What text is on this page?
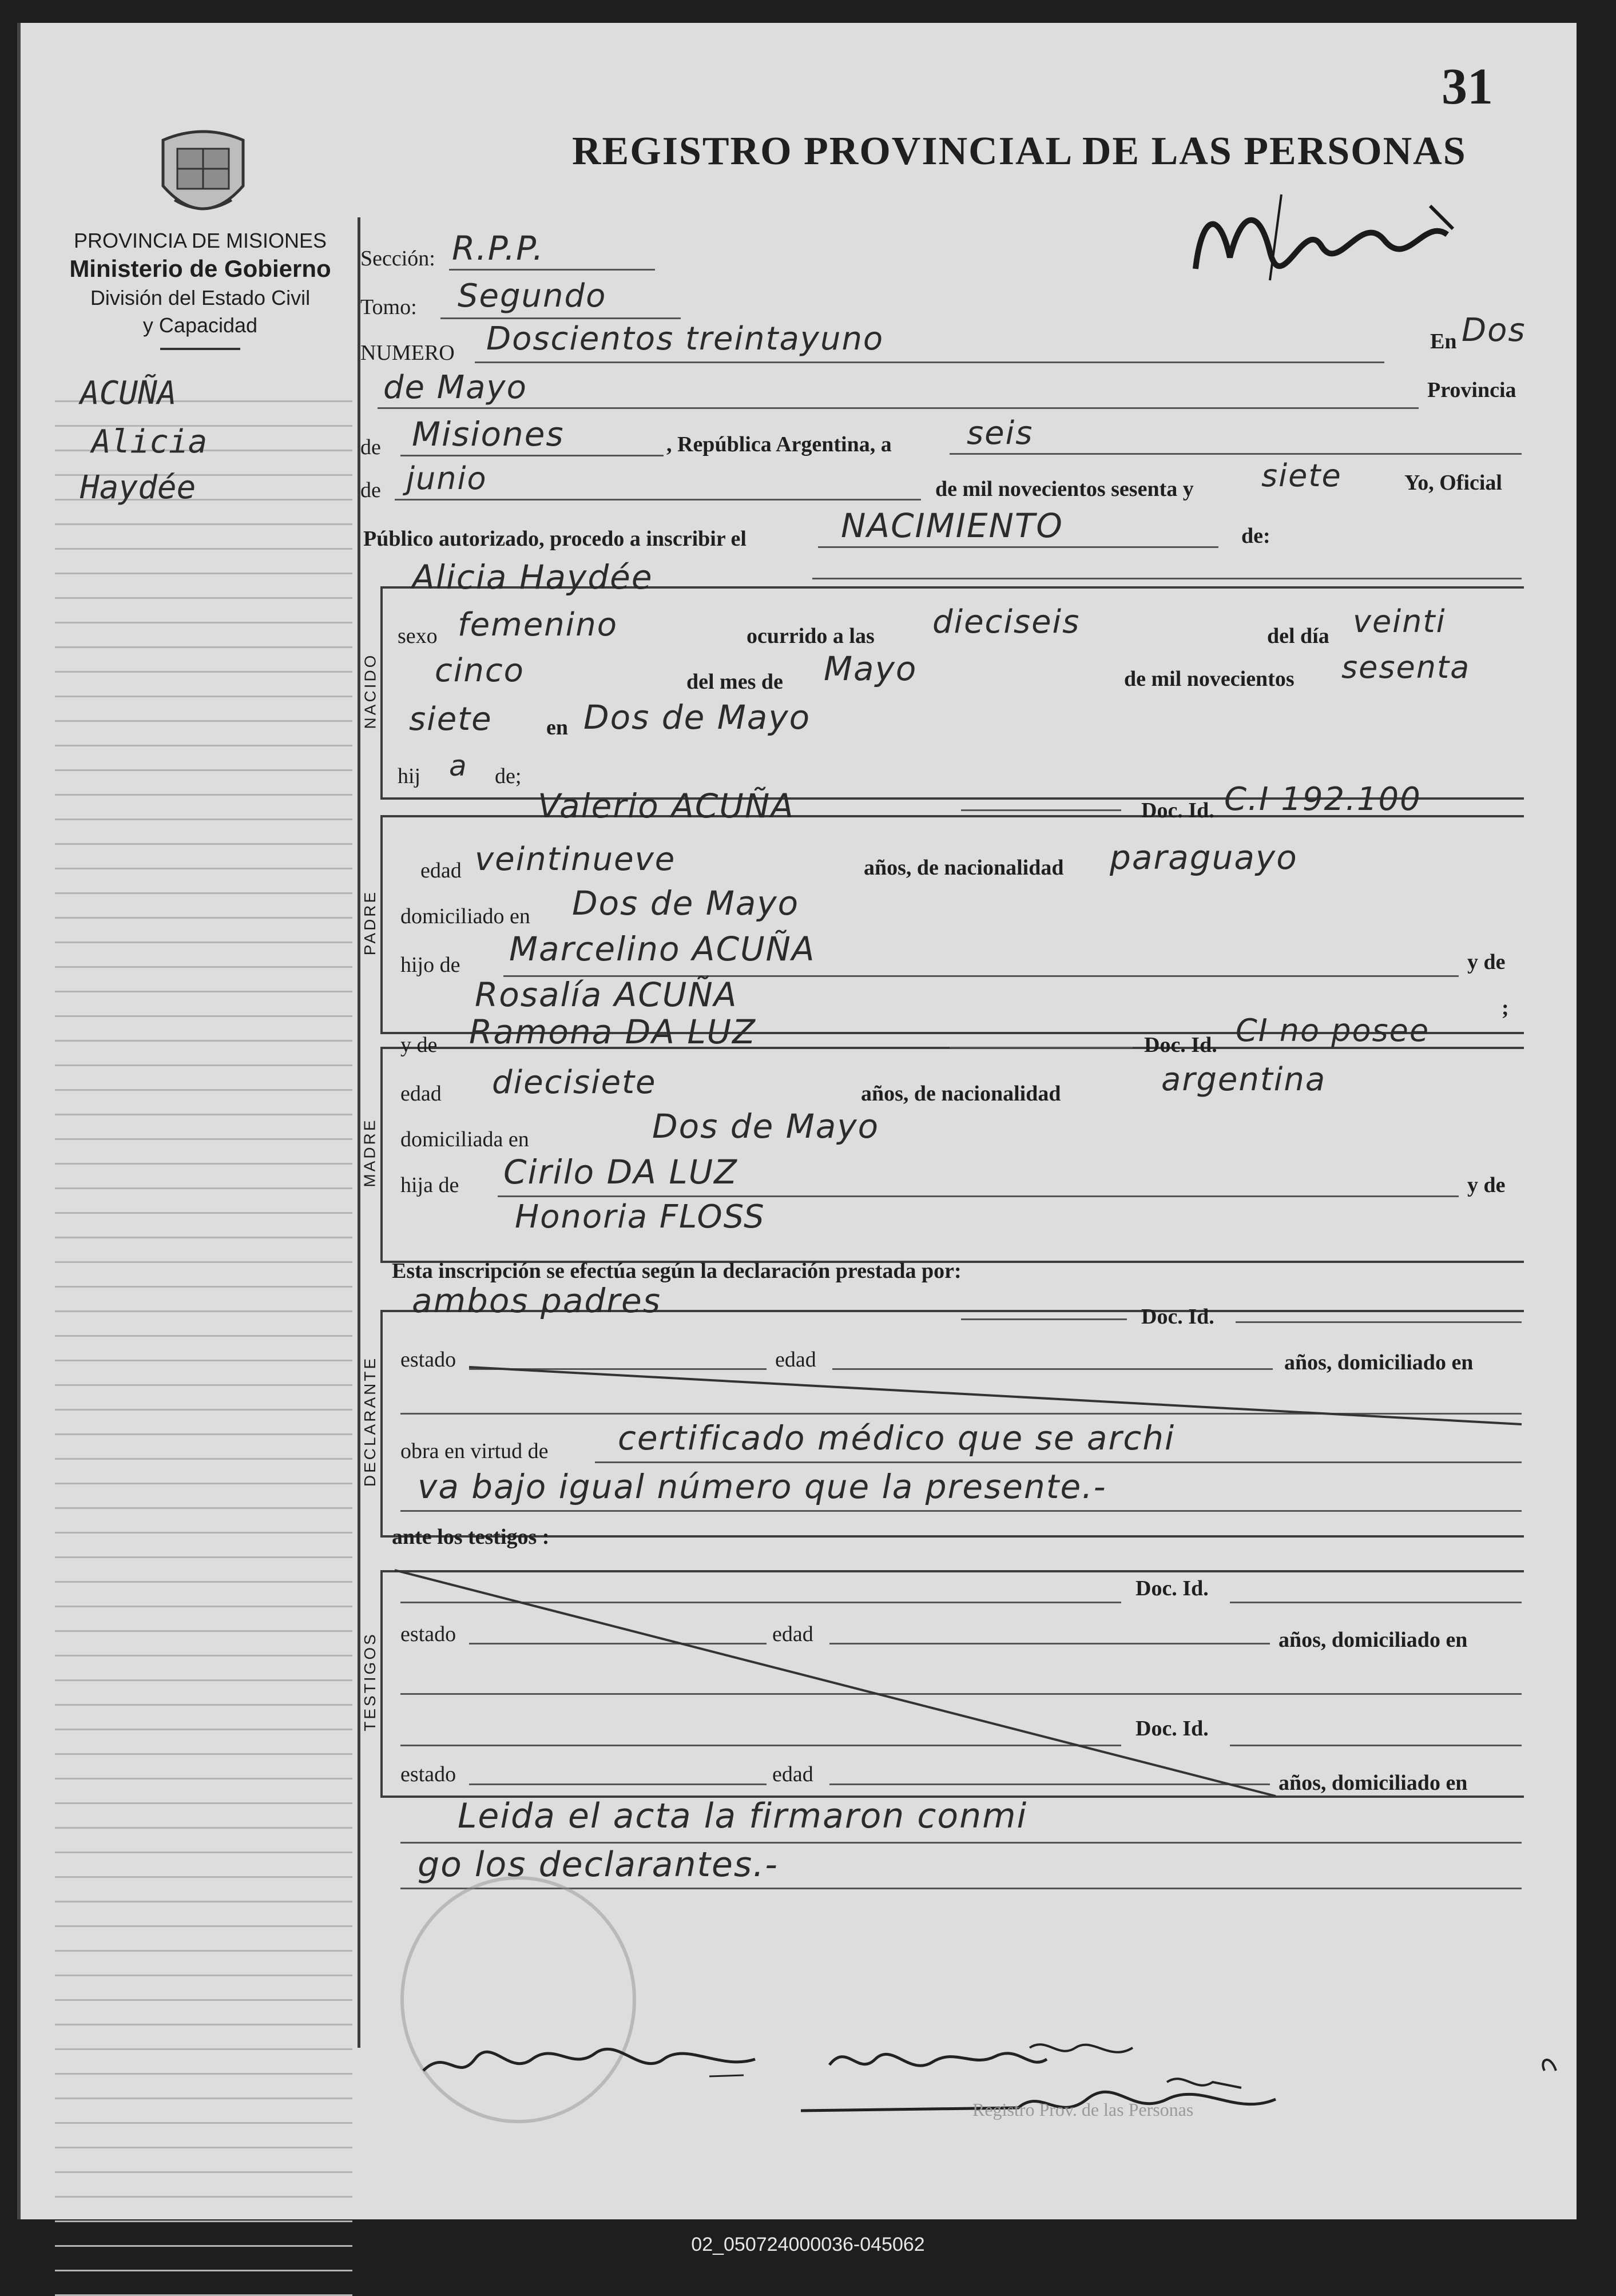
31
REGISTRO PROVINCIAL DE LAS PERSONAS
PROVINCIA DE MISIONES
Ministerio de Gobierno
División del Estado Civil
y Capacidad
ACUÑA
Alicia
Haydée
Sección: R.P.P.
Tomo: Segundo
NUMERO Doscientos treintayuno	En Dos
de Mayo	Provincia
de Misiones	, República Argentina, a seis
de junio	de mil novecientos sesenta y siete	Yo, Oficial
Público autorizado, procedo a inscribir el	NACIMIENTO	de:
NACIDO
Alicia Haydée
sexo femenino	ocurrido a las dieciseis	del día veinti
cinco	del mes de Mayo	de mil novecientos sesenta
siete en Dos de Mayo
hij a de;
PADRE
Valerio ACUÑA	Doc. Id. C.I 192.100
edad veintinueve	años, de nacionalidad paraguayo
domiciliado en Dos de Mayo
hijo de Marcelino ACUÑA	y de
Rosalía ACUÑA	;
MADRE
y de Ramona DA LUZ	Doc. Id. CI no posee
edad diecisiete	años, de nacionalidad	argentina
domiciliada en	Dos de Mayo
hija de Cirilo DA LUZ	y de
Honoria FLOSS
Esta inscripción se efectúa según la declaración prestada por:
DECLARANTE
ambos padres	Doc. Id.
estado	edad	años, domiciliado en
obra en virtud de certificado médico que se archi
va bajo igual número que la presente.-
ante los testigos :
TESTIGOS
Doc. Id.
estado	edad	años, domiciliado en
Doc. Id.
estado	edad	años, domiciliado en
Leida el acta la firmaron conmi
go los declarantes.-
Registro Prov. de las Personas
02_050724000036-045062
